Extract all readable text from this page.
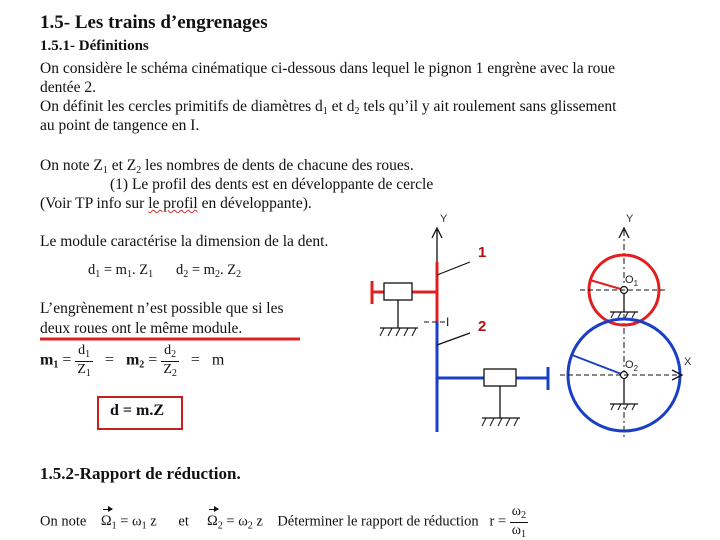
1.5- Les trains d’engrenages
1.5.1- Définitions
On considère le schéma cinématique ci-dessous dans lequel le pignon 1 engrène avec la roue
dentée 2.
On définit les cercles primitifs de diamètres $d_1$ et $d_2$ tels qu’il y ait roulement sans glissement
au point de tangence en I.
On note $Z_1$ et $Z_2$ les nombres de dents de chacune des roues.
(1) Le profil des dents est en développante de cercle
(Voir TP info sur le profil en développante).
Le module caractérise la dimension de la dent.
$d_1 = m_1$. $Z_1$ $d_2 = m_2$. $Z_2$
L’engrènement n’est possible que si les
deux roues ont le même module.
$m_1 = \frac{d_1}{Z_1} = m_2 = \frac{d_2}{Z_2} = m$
d = m.Z
1.5.2-Rapport de réduction.
On note $\Omega_1 = \omega_1$ z et $\Omega_2 = \omega_2$ z Déterminer le rapport de réduction $r = \frac{\omega_2}{\omega_1}$
Y	Y
1
I 2
$O_1$
$O_2$
X
